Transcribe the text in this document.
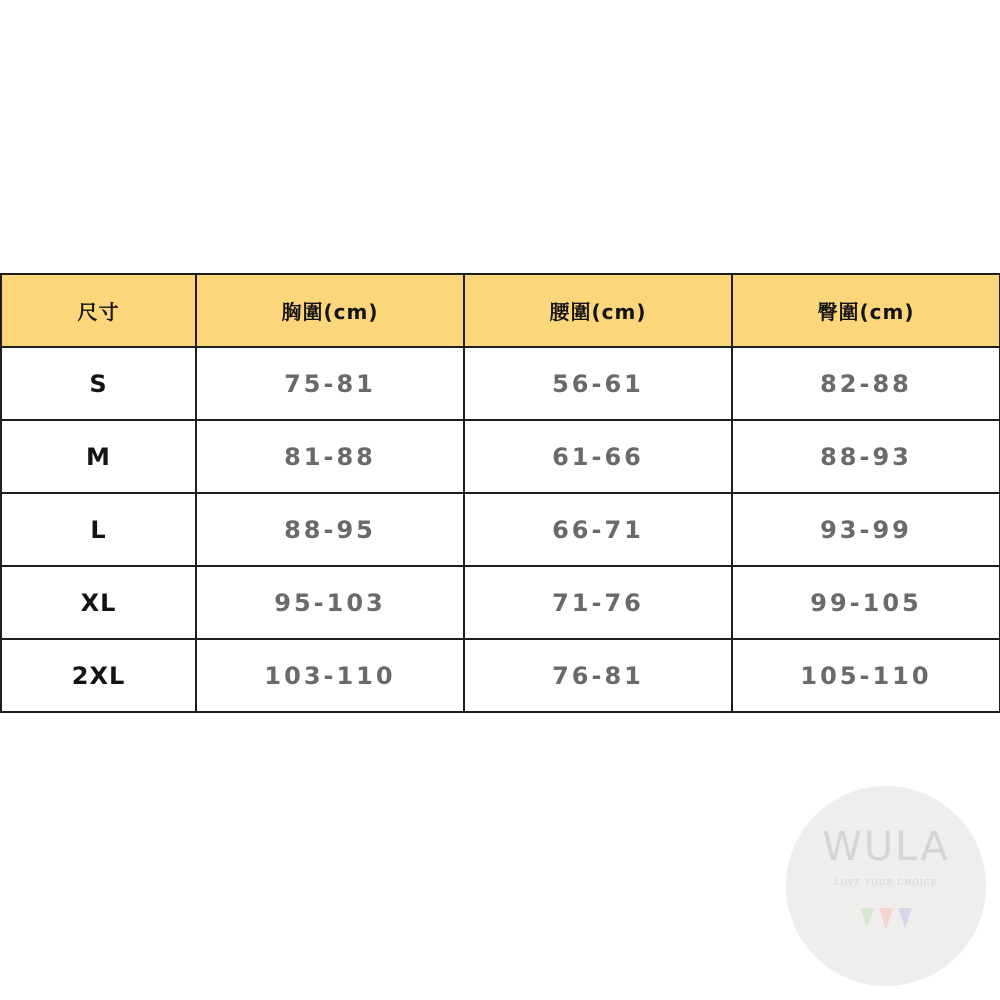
尺寸	胸圍(cm)	腰圍(cm)	臀圍(cm)
S	75-81	56-61	82-88
M	81-88	61-66	88-93
L	88-95	66-71	93-99
XL	95-103	71-76	99-105
2XL	103-110	76-81	105-110
WULA
LOVE YOUR CHOICE
